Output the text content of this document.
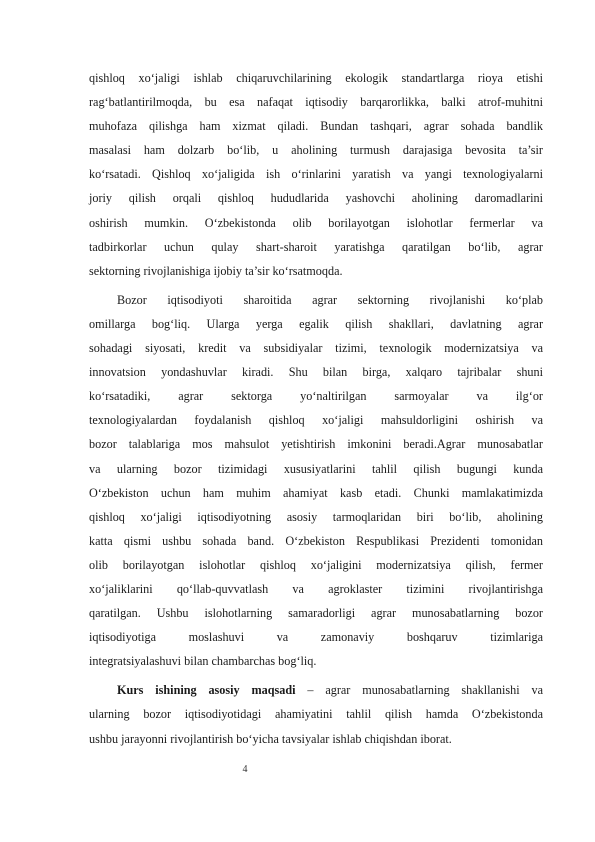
qishloq xo‘jaligi ishlab chiqaruvchilarining ekologik standartlarga rioya etishi
rag‘batlantirilmoqda, bu esa nafaqat iqtisodiy barqarorlikka, balki atrof-muhitni
muhofaza qilishga ham xizmat qiladi. Bundan tashqari, agrar sohada bandlik
masalasi ham dolzarb bo‘lib, u aholining turmush darajasiga bevosita ta’sir
ko‘rsatadi. Qishloq xo‘jaligida ish o‘rinlarini yaratish va yangi texnologiyalarni
joriy qilish orqali qishloq hududlarida yashovchi aholining daromadlarini
oshirish mumkin. O‘zbekistonda olib borilayotgan islohotlar fermerlar va
tadbirkorlar uchun qulay shart-sharoit yaratishga qaratilgan bo‘lib, agrar
sektorning rivojlanishiga ijobiy ta’sir ko‘rsatmoqda.
Bozor iqtisodiyoti sharoitida agrar sektorning rivojlanishi ko‘plab
omillarga bog‘liq. Ularga yerga egalik qilish shakllari, davlatning agrar
sohadagi siyosati, kredit va subsidiyalar tizimi, texnologik modernizatsiya va
innovatsion yondashuvlar kiradi. Shu bilan birga, xalqaro tajribalar shuni
ko‘rsatadiki, agrar sektorga yo‘naltirilgan sarmoyalar va ilg‘or
texnologiyalardan foydalanish qishloq xo‘jaligi mahsuldorligini oshirish va
bozor talablariga mos mahsulot yetishtirish imkonini beradi.Agrar munosabatlar
va ularning bozor tizimidagi xususiyatlarini tahlil qilish bugungi kunda
O‘zbekiston uchun ham muhim ahamiyat kasb etadi. Chunki mamlakatimizda
qishloq xo‘jaligi iqtisodiyotning asosiy tarmoqlaridan biri bo‘lib, aholining
katta qismi ushbu sohada band. O‘zbekiston Respublikasi Prezidenti tomonidan
olib borilayotgan islohotlar qishloq xo‘jaligini modernizatsiya qilish, fermer
xo‘jaliklarini qo‘llab-quvvatlash va agroklaster tizimini rivojlantirishga
qaratilgan. Ushbu islohotlarning samaradorligi agrar munosabatlarning bozor
iqtisodiyotiga moslashuvi va zamonaviy boshqaruv tizimlariga
integratsiyalashuvi bilan chambarchas bog‘liq.
Kurs ishining asosiy maqsadi – agrar munosabatlarning shakllanishi va
ularning bozor iqtisodiyotidagi ahamiyatini tahlil qilish hamda O‘zbekistonda
ushbu jarayonni rivojlantirish bo‘yicha tavsiyalar ishlab chiqishdan iborat.
4
